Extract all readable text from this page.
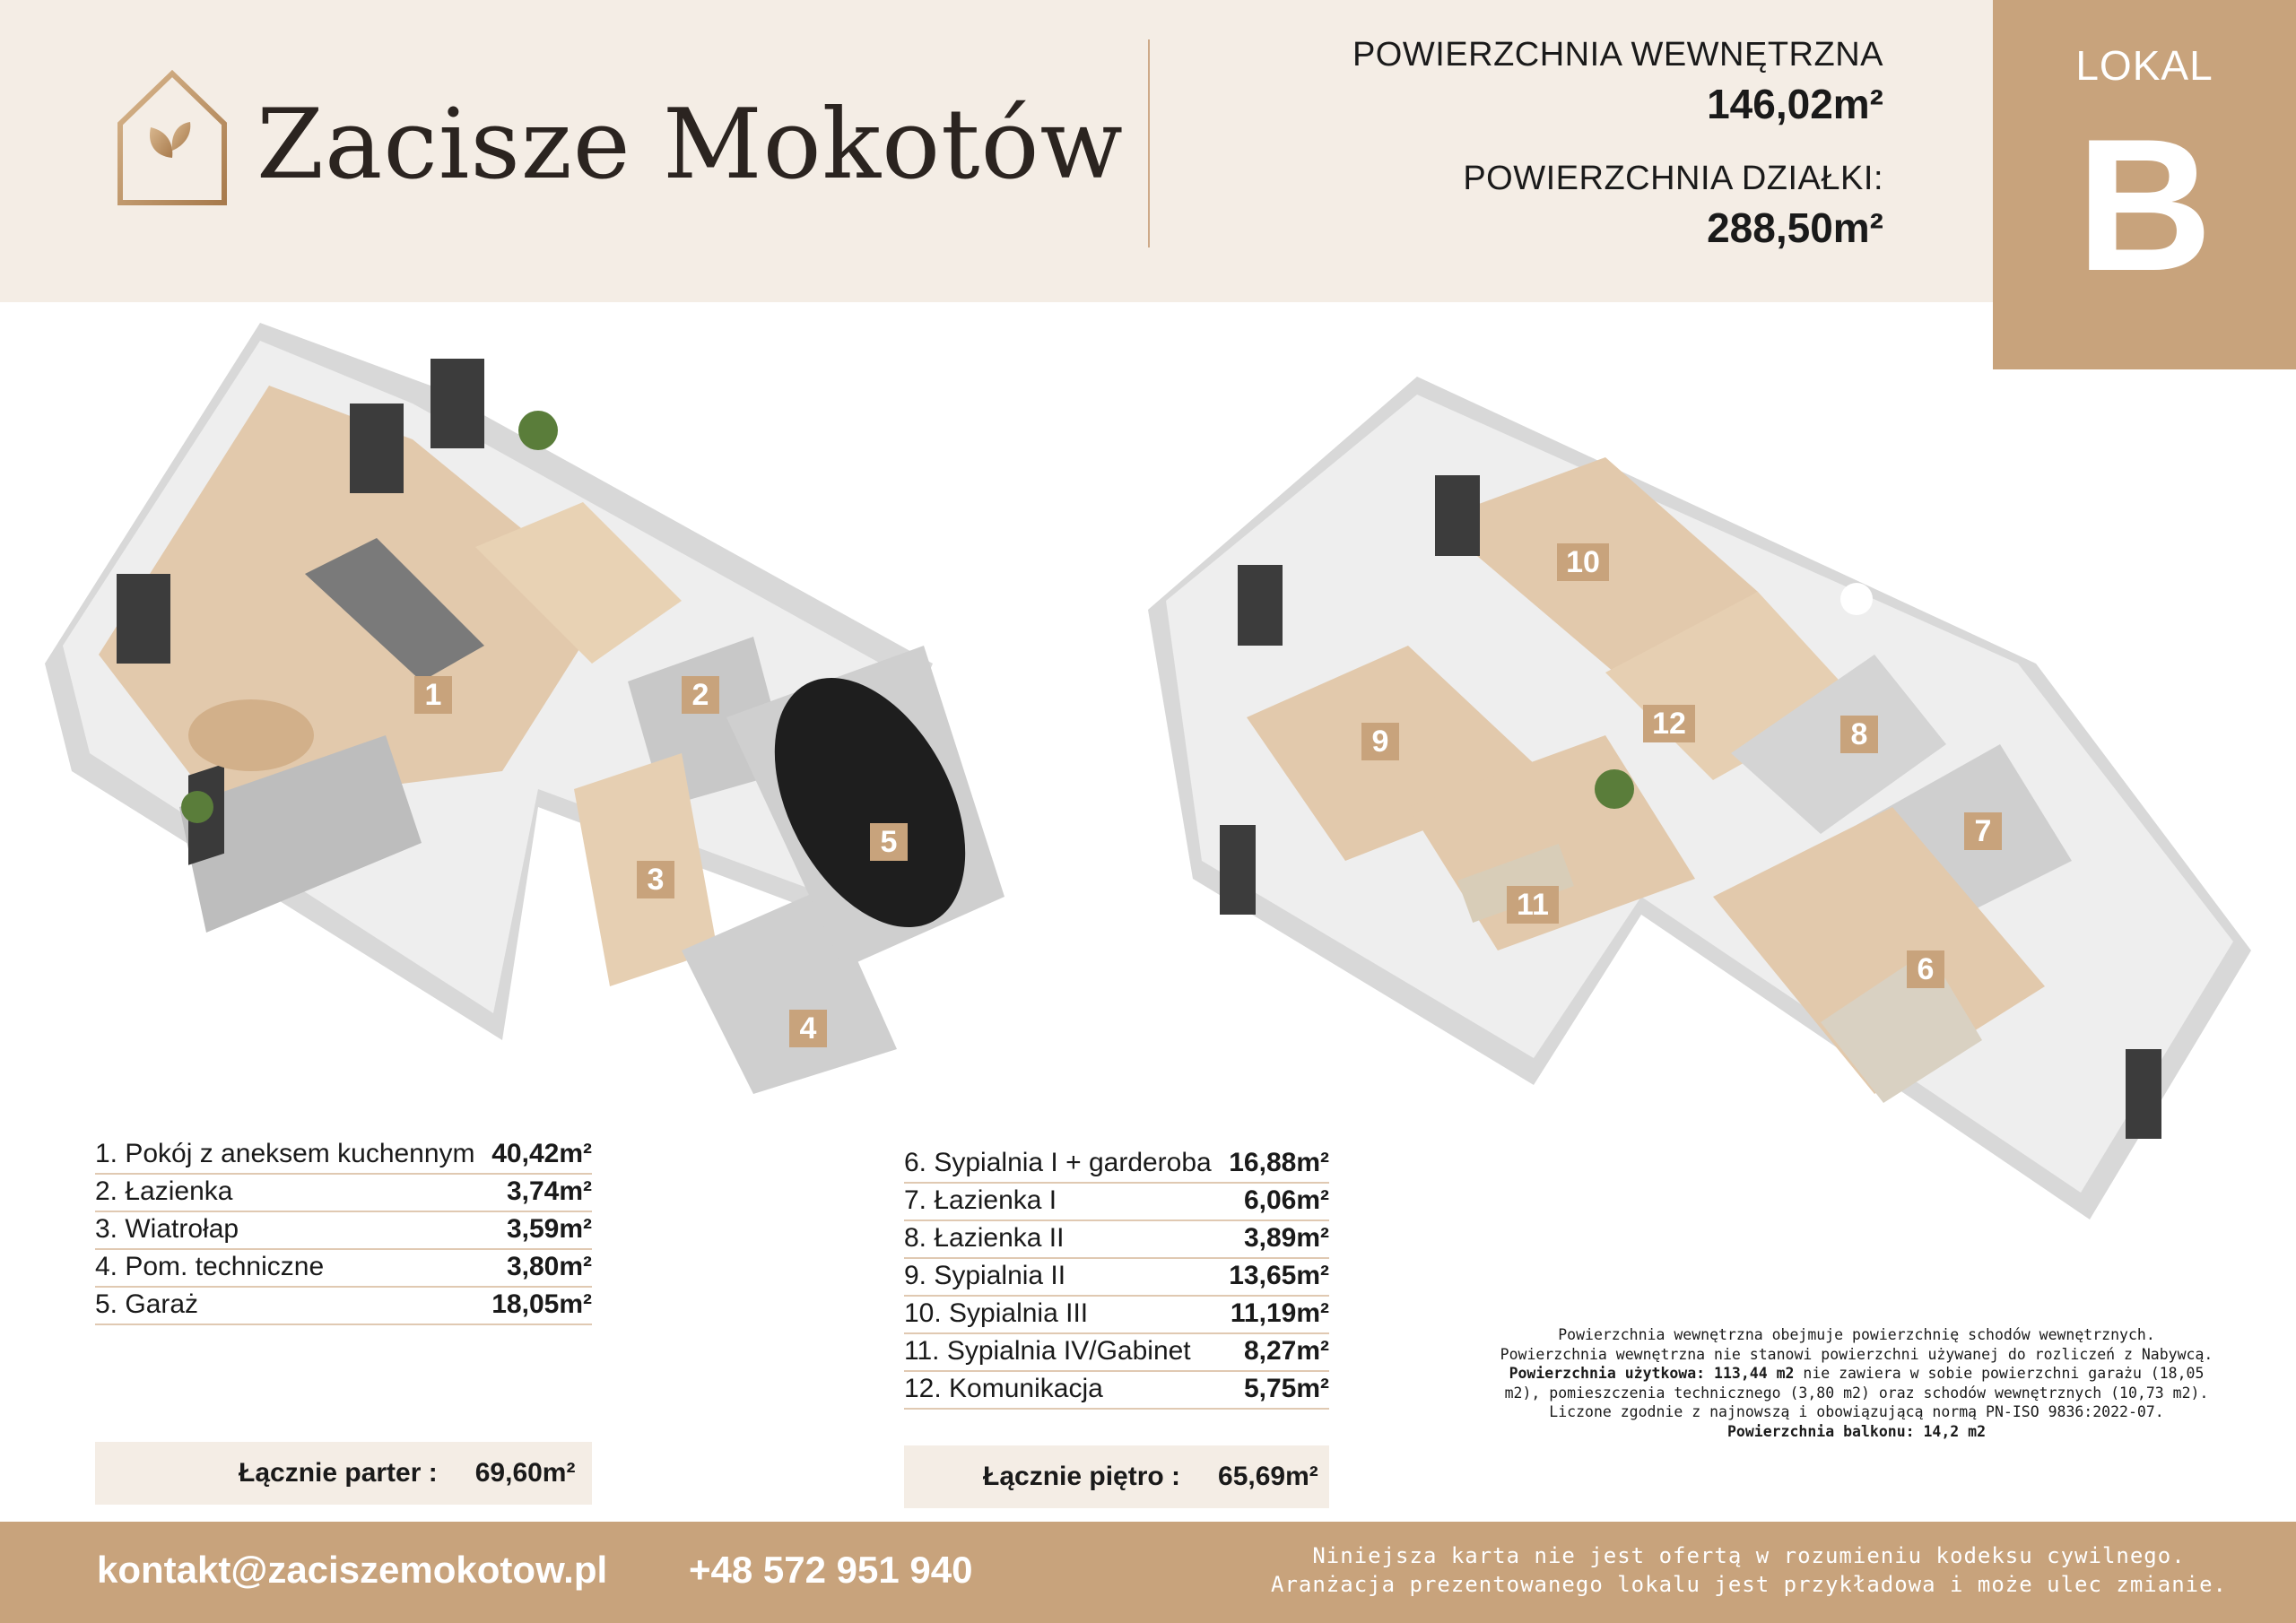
Zacisze Mokotów
POWIERZCHNIA WEWNĘTRZNA
146,02m²
POWIERZCHNIA DZIAŁKI:
288,50m²
LOKAL
B
1	2
3
4
5
10
9
12	8
11
7
6
1. Pokój z aneksem kuchennym 40,42m²
2. Łazienka	3,74m²
3. Wiatrołap	3,59m²
4. Pom. techniczne	3,80m²
5. Garaż	18,05m²
Łącznie parter : 69,60m²
6. Sypialnia I + garderoba 16,88m²
7. Łazienka I	6,06m²
8. Łazienka II	3,89m²
9. Sypialnia II	13,65m²
10. Sypialnia III	11,19m²
11. Sypialnia IV/Gabinet 8,27m²
12. Komunikacja	5,75m²
Łącznie piętro : 65,69m²
Powierzchnia wewnętrzna obejmuje powierzchnię schodów wewnętrznych.
Powierzchnia wewnętrzna nie stanowi powierzchni używanej do rozliczeń z Nabywcą.
Powierzchnia użytkowa: 113,44 m2 nie zawiera w sobie powierzchni garażu (18,05
m2), pomieszczenia technicznego (3,80 m2) oraz schodów wewnętrznych (10,73 m2).
Liczone zgodnie z najnowszą i obowiązującą normą PN-ISO 9836:2022-07.
Powierzchnia balkonu: 14,2 m2
kontakt@zaciszemokotow.pl +48 572 951 940	Niniejsza karta nie jest ofertą w rozumieniu kodeksu cywilnego. Aranżacja prezentowanego lokalu jest przykładowa i może ulec zmianie.
